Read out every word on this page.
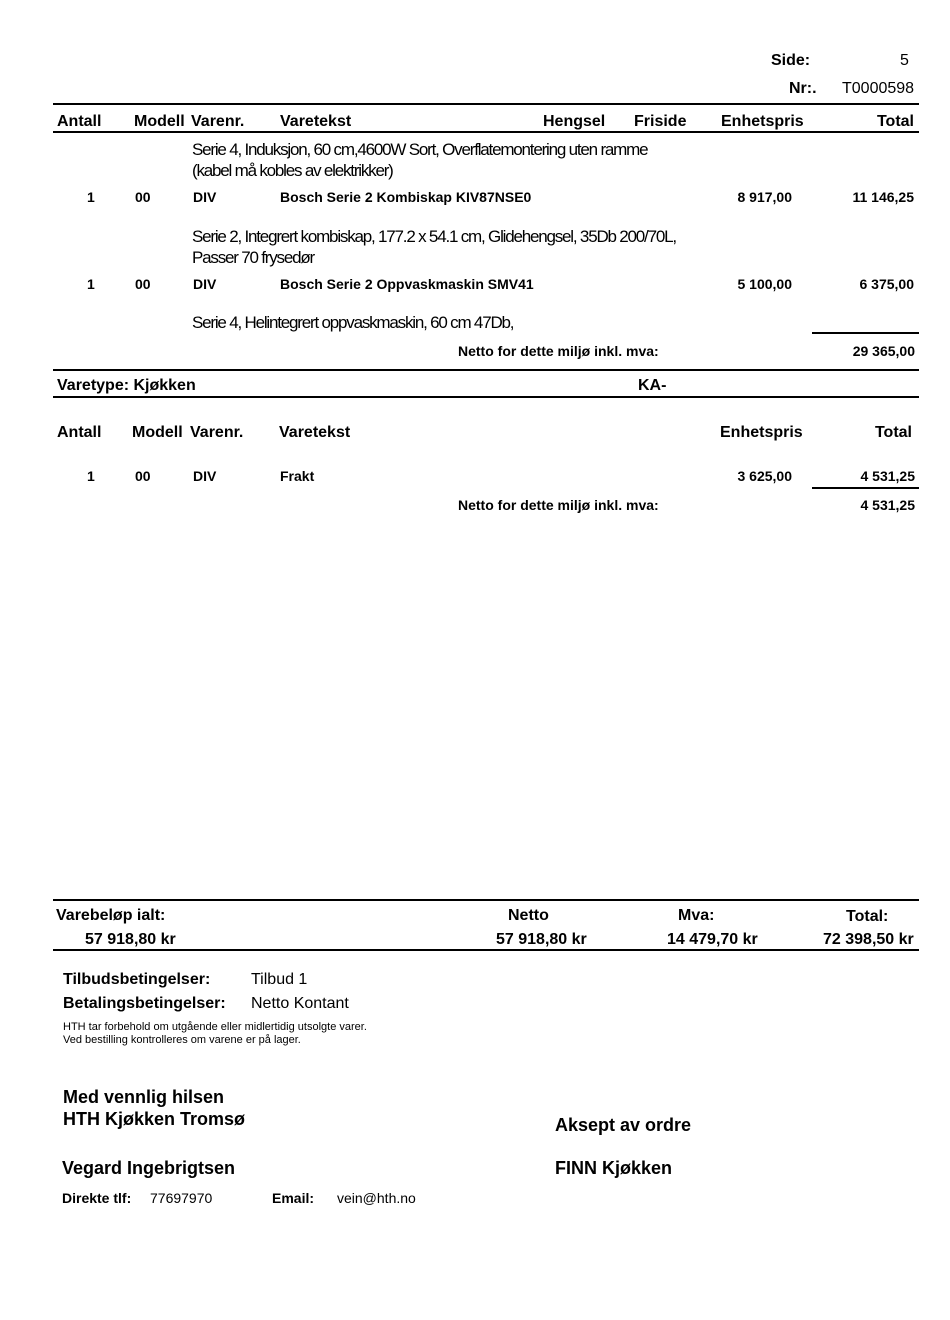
Side:	5
Nr:. T0000598
Antall Modell Varenr. Varetekst	Hengsel Friside Enhetspris	Total
Serie 4, Induksjon, 60 cm,4600W Sort, Overflatemontering uten ramme (kabel må kobles av elektrikker)
1	00	DIV	Bosch Serie 2 Kombiskap KIV87NSE0	8 917,00	11 146,25
Serie 2, Integrert kombiskap, 177.2 x 54.1 cm, Glidehengsel, 35Db 200/70L, Passer 70 frysedør
1	00	DIV	Bosch Serie 2 Oppvaskmaskin SMV41	5 100,00	6 375,00
Serie 4, Helintegrert oppvaskmaskin, 60 cm 47Db,
Netto for dette miljø inkl. mva:	29 365,00
Varetype: Kjøkken	KA-
Antall Modell Varenr. Varetekst	Enhetspris	Total
1	00	DIV	Frakt	3 625,00	4 531,25
Netto for dette miljø inkl. mva:	4 531,25
Varebeløp ialt:
57 918,80 kr
Netto
57 918,80 kr
Mva:
14 479,70 kr
Total:
72 398,50 kr
Tilbudsbetingelser:	Tilbud 1
Betalingsbetingelser: Netto Kontant
HTH tar forbehold om utgående eller midlertidig utsolgte varer.
Ved bestilling kontrolleres om varene er på lager.
Med vennlig hilsen
HTH Kjøkken Tromsø
Vegard Ingebrigtsen
Direkte tlf: 77697970	Email: vein@hth.no
Aksept av ordre
FINN Kjøkken
